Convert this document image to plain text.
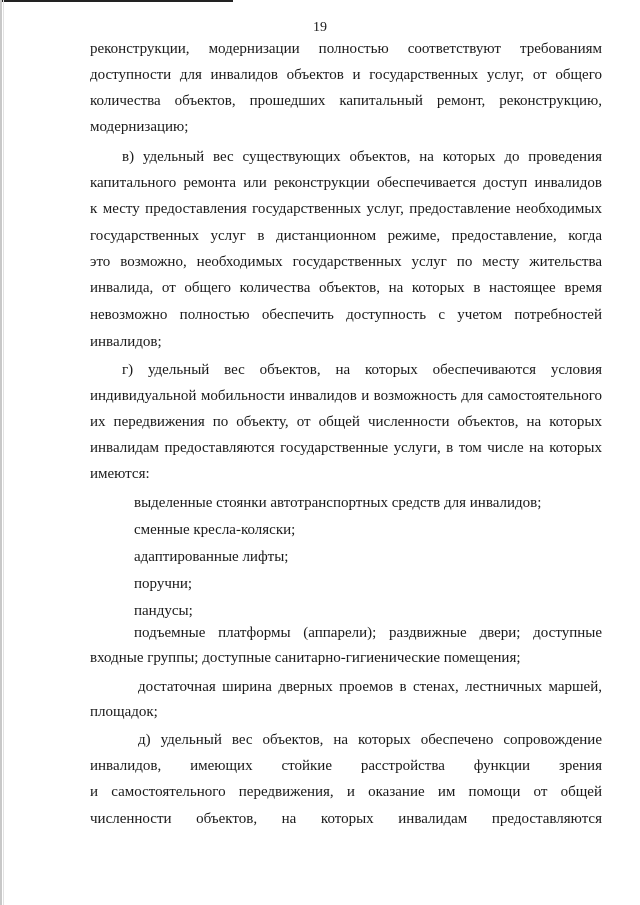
19
реконструкции, модернизации полностью соответствуют требованиям
доступности для инвалидов объектов и государственных услуг, от общего
количества объектов, прошедших капитальный ремонт, реконструкцию,
модернизацию;
в) удельный вес существующих объектов, на которых до проведения
капитального ремонта или реконструкции обеспечивается доступ инвалидов
к месту предоставления государственных услуг, предоставление необходимых
государственных услуг в дистанционном режиме, предоставление, когда
это возможно, необходимых государственных услуг по месту жительства
инвалида, от общего количества объектов, на которых в настоящее время
невозможно полностью обеспечить доступность с учетом потребностей
инвалидов;
г) удельный вес объектов, на которых обеспечиваются условия
индивидуальной мобильности инвалидов и возможность для самостоятельного
их передвижения по объекту, от общей численности объектов, на которых
инвалидам предоставляются государственные услуги, в том числе на которых
имеются:
выделенные стоянки автотранспортных средств для инвалидов;
сменные кресла-коляски;
адаптированные лифты;
поручни;
пандусы;
подъемные платформы (аппарели); раздвижные двери; доступные
входные группы; доступные санитарно-гигиенические помещения;
достаточная ширина дверных проемов в стенах, лестничных маршей,
площадок;
д) удельный вес объектов, на которых обеспечено сопровождение
инвалидов, имеющих стойкие расстройства функции зрения
и самостоятельного передвижения, и оказание им помощи от общей
численности объектов, на которых инвалидам предоставляются
